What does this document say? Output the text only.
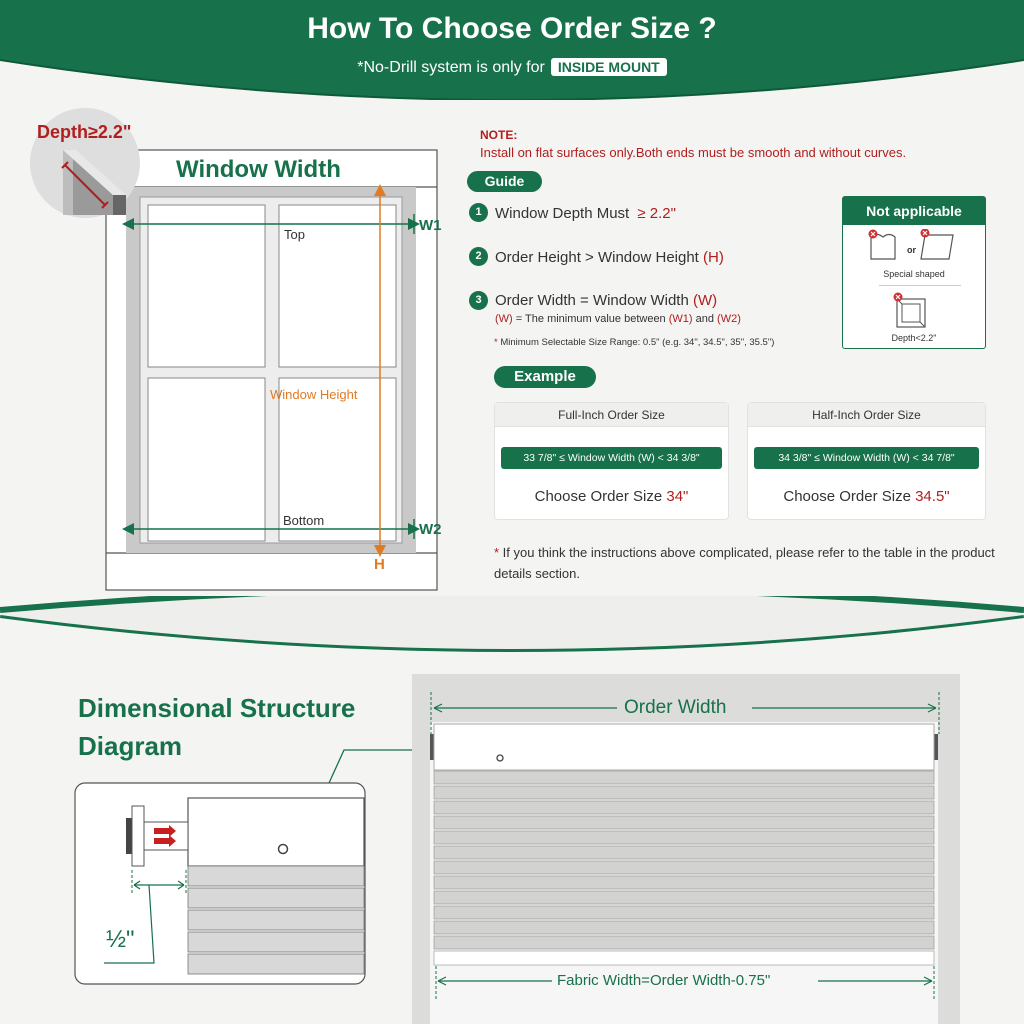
How To Choose Order Size ?
*No-Drill system is only for INSIDE MOUNT
Depth≥2.2"
Window Width
Top
Bottom
Window Height
W1
W2
H
NOTE:
Install on flat surfaces only.Both ends must be smooth and without curves.
Guide
1 Window Depth Must ≥ 2.2"
2 Order Height > Window Height (H)
3 Order Width = Window Width (W)
(W) = The minimum value between (W1) and (W2)
* Minimum Selectable Size Range: 0.5" (e.g. 34", 34.5", 35", 35.5")
Not applicable
or
Special shaped
Depth<2.2"
Example
Full-Inch Order Size
33 7/8" ≤ Window Width (W) < 34 3/8"
Choose Order Size 34"
Half-Inch Order Size
34 3/8" ≤ Window Width (W) < 34 7/8"
Choose Order Size 34.5"
* If you think the instructions above complicated, please refer to the table in the product details section.
Dimensional Structure
Diagram
½"
Order Width
Fabric Width=Order Width-0.75"
